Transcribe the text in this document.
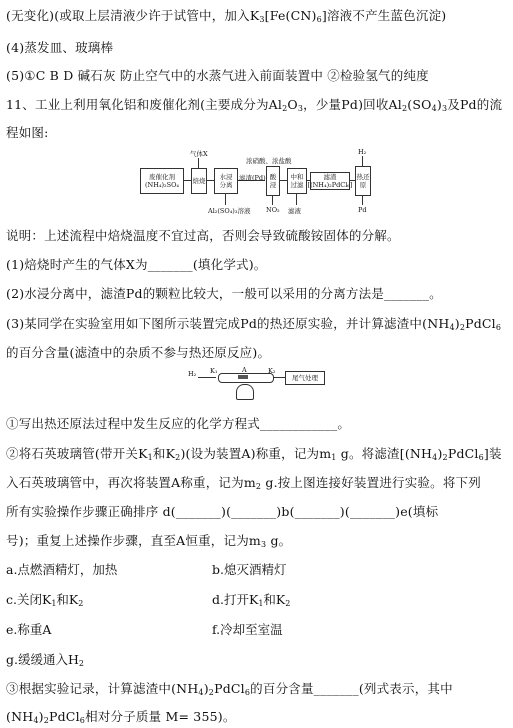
(无变化)(或取上层清液少许于试管中，加入$K_3[Fe(CN)_6]$溶液不产生蓝色沉淀)
(4)蒸发皿、玻璃棒
(5)①C B D 碱石灰 防止空气中的水蒸气进入前面装置中 ②检验氢气的纯度
11、工业上利用氧化铝和废催化剂(主要成分为$Al_2O_3$，少量Pd)回收$Al_2(SO_4)_3$及Pd的流
程如图:
废催化剂
(NH₄)₂SO₄ 焙烧
气体X
水浸
分离
Al₂(SO₄)₃溶液
滤渣(Pd) 酸浸
浓硝酸、浓盐酸
NO₂
中和过滤
滤液
滤渣[(NH₄)₂PdCl₆]
热还原
H₂
Pd
说明：上述流程中焙烧温度不宜过高，否则会导致硫酸铵固体的分解。
(1)焙烧时产生的气体X为_______(填化学式)。
(2)水浸分离中，滤渣Pd的颗粒比较大，一般可以采用的分离方法是_______。
(3)某同学在实验室用如下图所示装置完成Pd的热还原实验，并计算滤渣中$(NH_4)_2PdCl_6$
的百分含量(滤渣中的杂质不参与热还原反应)。
H₂ K₁	A	K₂
尾气处理
①写出热还原法过程中发生反应的化学方程式____________。
②将石英玻璃管(带开关$K_1$和$K_2$)(设为装置A)称重，记为$m_1$ g。将滤渣$[(NH_4)_2PdCl_6]$装
入石英玻璃管中，再次将装置A称重，记为$m_2$ g.按上图连接好装置进行实验。将下列
所有实验操作步骤正确排序 d(_______)(_______)b(_______)(_______)e(填标
号)；重复上述操作步骤，直至A恒重，记为$m_3$ g。
a.点燃酒精灯，加热	b.熄灭酒精灯
c.关闭$K_1$和$K_2$	d.打开$K_1$和$K_2$
e.称重A	f.冷却至室温
g.缓缓通入$H_2$
③根据实验记录，计算滤渣中$(NH_4)_2PdCl_6$的百分含量_______(列式表示，其中
$(NH_4)_2PdCl_6$相对分子质量 M= 355)。
